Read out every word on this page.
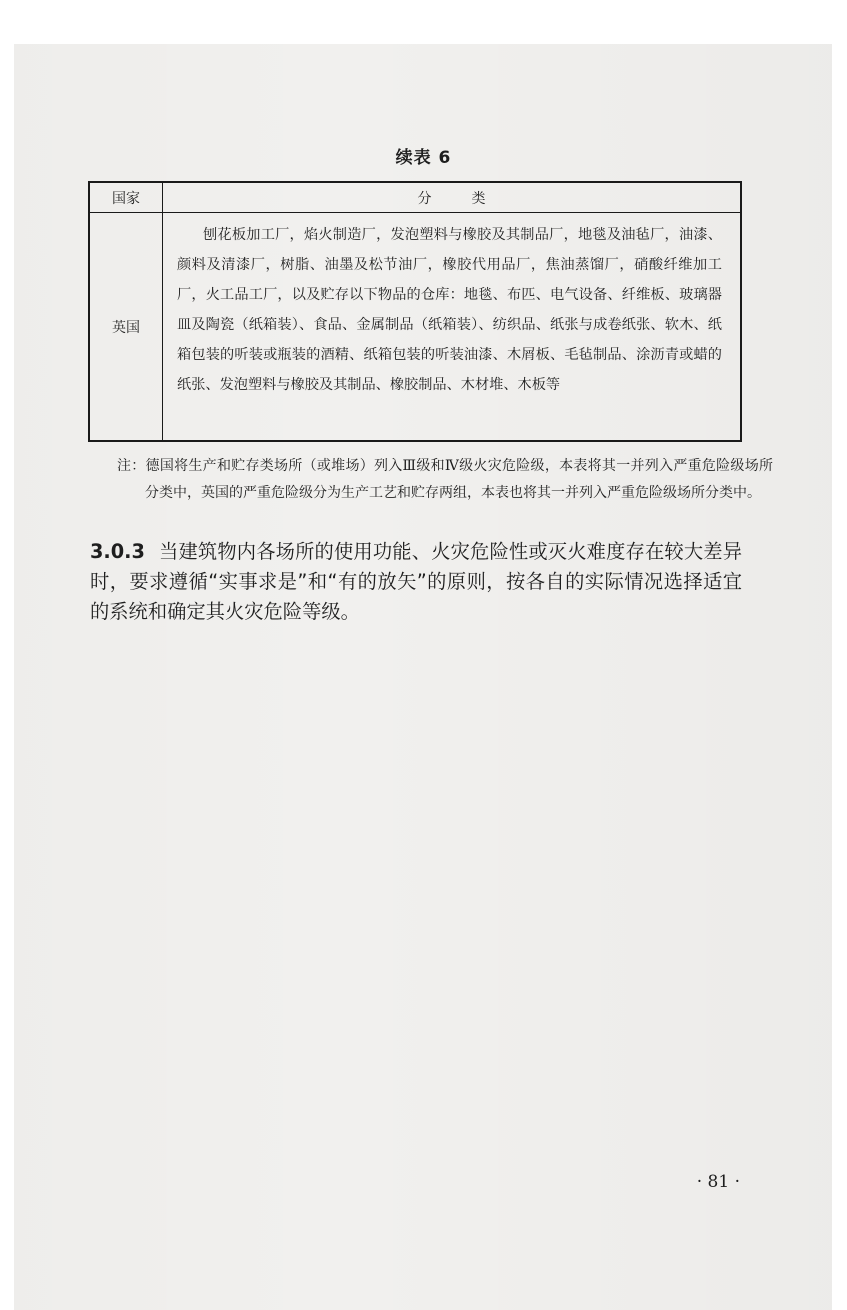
续表 6
国家	分类
英国	刨花板加工厂，焰火制造厂，发泡塑料与橡胶及其制品厂，地毯及油毡厂，油漆、颜料及清漆厂，树脂、油墨及松节油厂，橡胶代用品厂，焦油蒸馏厂，硝酸纤维加工厂，火工品工厂，以及贮存以下物品的仓库：地毯、布匹、电气设备、纤维板、玻璃器皿及陶瓷（纸箱装）、食品、金属制品（纸箱装）、纺织品、纸张与成卷纸张、软木、纸箱包装的听装或瓶装的酒精、纸箱包装的听装油漆、木屑板、毛毡制品、涂沥青或蜡的纸张、发泡塑料与橡胶及其制品、橡胶制品、木材堆、木板等
注：德国将生产和贮存类场所（或堆场）列入Ⅲ级和Ⅳ级火灾危险级，本表将其一并列入严重危险级场所分类中，英国的严重危险级分为生产工艺和贮存两组，本表也将其一并列入严重危险级场所分类中。
3.0.3 当建筑物内各场所的使用功能、火灾危险性或灭火难度存在较大差异时，要求遵循“实事求是”和“有的放矢”的原则，按各自的实际情况选择适宜的系统和确定其火灾危险等级。
· 81 ·
